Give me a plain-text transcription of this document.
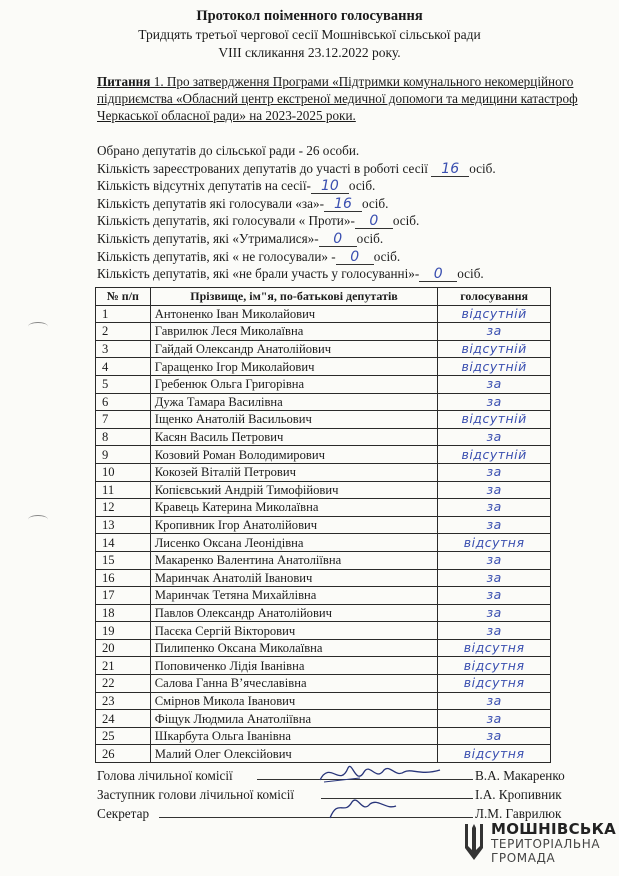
Протокол поіменного голосування
Тридцять третьої чергової сесії Мошнівської сільської ради
VIII скликання 23.12.2022 року.
Питання 1. Про затвердження Програми «Підтримки комунального некомерційного підприємства «Обласний центр екстреної медичної допомоги та медицини катастроф Черкаської обласної ради» на 2023-2025 роки.
Обрано депутатів до сільської ради - 26 особи.
Кількість зареєстрованих депутатів до участі в роботі сесії 16 осіб.
Кількість відсутніх депутатів на сесії- 10 осіб.
Кількість депутатів які голосували «за»- 16 осіб.
Кількість депутатів, які голосували « Проти»- 0 осіб.
Кількість депутатів, які «Утрималися»- 0 осіб.
Кількість депутатів, які « не голосували» - 0 осіб.
Кількість депутатів, які «не брали участь у голосуванні»- 0 осіб.
№ п/п	Прізвище, ім"я, по-батькові депутатів	голосування
1	Антоненко Іван Миколайович	відсутній
2	Гаврилюк Леся Миколаївна	за
3	Гайдай Олександр Анатолійович	відсутній
4	Гаращенко Ігор Миколайович	відсутній
5	Гребенюк Ольга Григорівна	за
6	Дужа Тамара Василівна	за
7	Іщенко Анатолій Васильович	відсутній
8	Касян Василь Петрович	за
9	Козовий Роман Володимирович	відсутній
10	Кокозей Віталій Петрович	за
11	Копієвський Андрій Тимофійович	за
12	Кравець Катерина Миколаївна	за
13	Кропивник Ігор Анатолійович	за
14	Лисенко Оксана Леонідівна	відсутня
15	Макаренко Валентина Анатоліївна	за
16	Маринчак Анатолій Іванович	за
17	Маринчак Тетяна Михайлівна	за
18	Павлов Олександр Анатолійович	за
19	Пасєка Сергій Вікторович	за
20	Пилипенко Оксана Миколаївна	відсутня
21	Поповиченко Лідія Іванівна	відсутня
22	Салова Ганна В’ячеславівна	відсутня
23	Смірнов Микола Іванович	за
24	Фіщук Людмила Анатоліївна	за
25	Шкарбута Ольга Іванівна	за
26	Малий Олег Олексійович	відсутня
Голова лічильної комісії	В.А. Макаренко
Заступник голови лічильної комісії	І.А. Кропивник
Секретар	Л.М. Гаврилюк
МОШНІВСЬКА
ТЕРИТОРІАЛЬНА
ГРОМАДА
